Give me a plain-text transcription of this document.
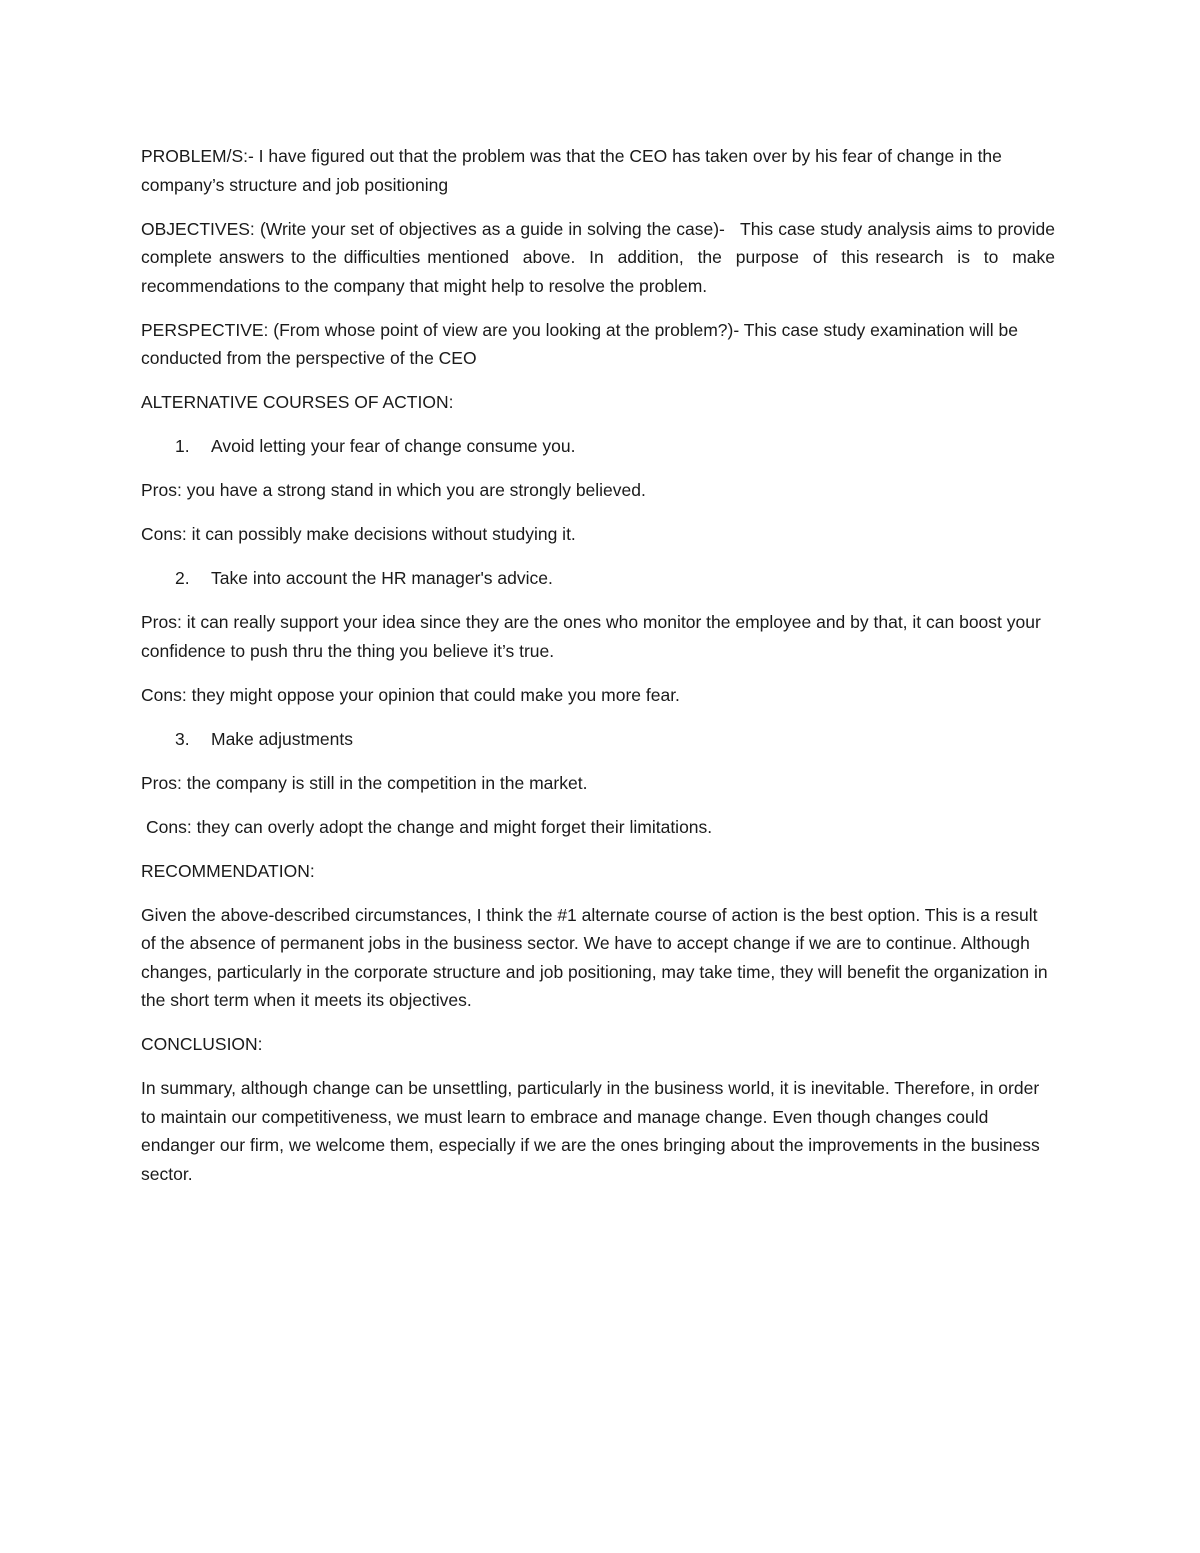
PROBLEM/S:- I have figured out that the problem was that the CEO has taken over by his fear of change in the company’s structure and job positioning

OBJECTIVES: (Write your set of objectives as a guide in solving the case)-   This case study analysis aims to provide complete answers to the difficulties mentioned  above.  In  addition,  the  purpose  of  this research  is  to  make recommendations to the company that might help to resolve the problem.

PERSPECTIVE: (From whose point of view are you looking at the problem?)- This case study examination will be conducted from the perspective of the CEO

ALTERNATIVE COURSES OF ACTION:

1. Avoid letting your fear of change consume you.

Pros: you have a strong stand in which you are strongly believed.

Cons: it can possibly make decisions without studying it.

2. Take into account the HR manager's advice.

Pros: it can really support your idea since they are the ones who monitor the employee and by that, it can boost your confidence to push thru the thing you believe it’s true.

Cons: they might oppose your opinion that could make you more fear.

3. Make adjustments

Pros: the company is still in the competition in the market.

Cons: they can overly adopt the change and might forget their limitations.

RECOMMENDATION:

Given the above-described circumstances, I think the #1 alternate course of action is the best option. This is a result of the absence of permanent jobs in the business sector. We have to accept change if we are to continue. Although changes, particularly in the corporate structure and job positioning, may take time, they will benefit the organization in the short term when it meets its objectives.

CONCLUSION:

In summary, although change can be unsettling, particularly in the business world, it is inevitable. Therefore, in order to maintain our competitiveness, we must learn to embrace and manage change. Even though changes could endanger our firm, we welcome them, especially if we are the ones bringing about the improvements in the business sector.
